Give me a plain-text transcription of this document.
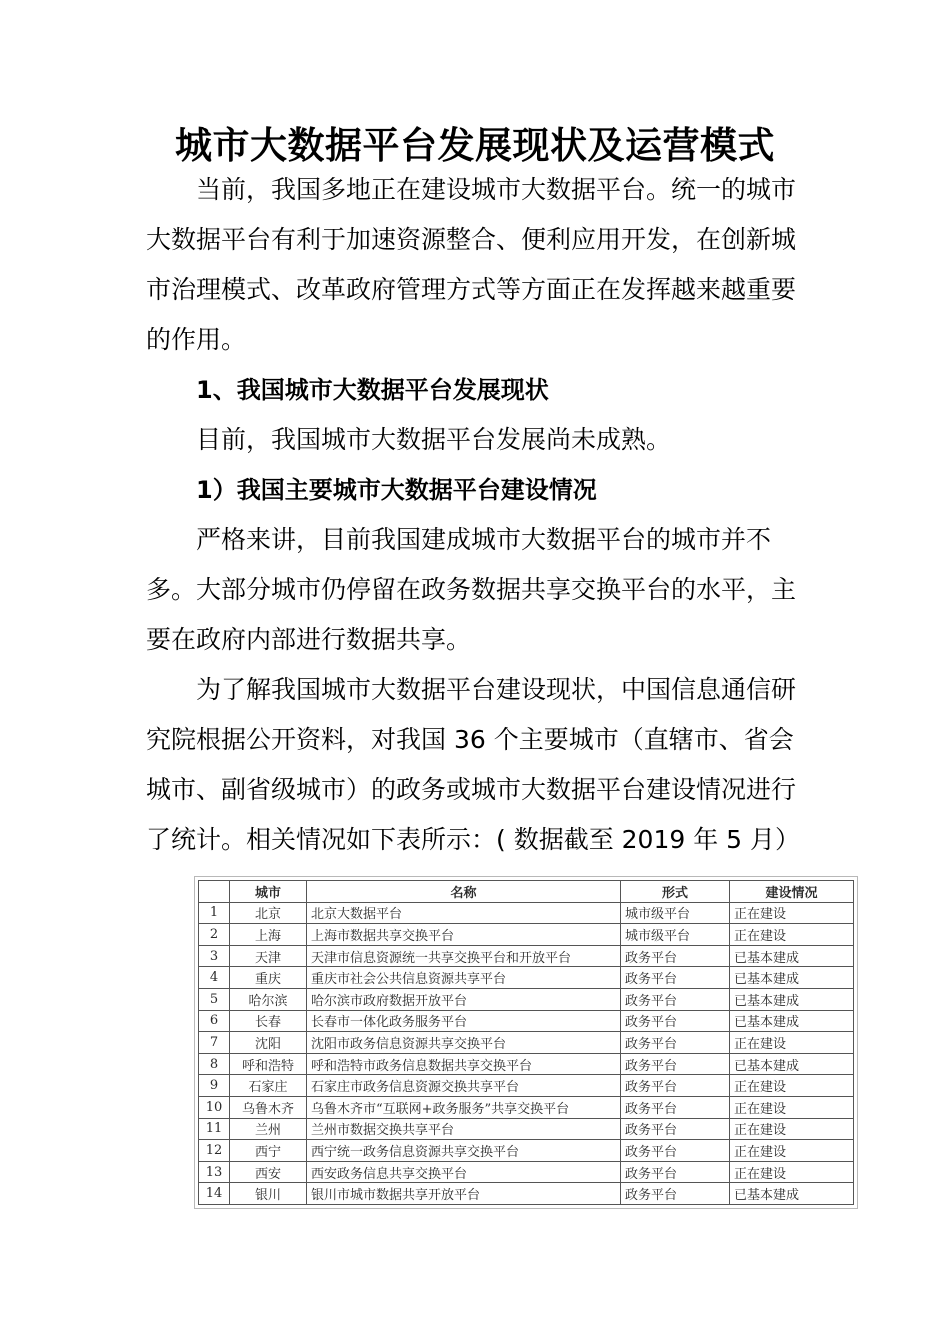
城市大数据平台发展现状及运营模式

当前，我国多地正在建设城市大数据平台。统一的城市大数据平台有利于加速资源整合、便利应用开发，在创新城市治理模式、改革政府管理方式等方面正在发挥越来越重要的作用。

1、我国城市大数据平台发展现状

目前，我国城市大数据平台发展尚未成熟。

1）我国主要城市大数据平台建设情况

严格来讲，目前我国建成城市大数据平台的城市并不多。大部分城市仍停留在政务数据共享交换平台的水平，主要在政府内部进行数据共享。

为了解我国城市大数据平台建设现状，中国信息通信研究院根据公开资料，对我国 36 个主要城市（直辖市、省会城市、副省级城市）的政务或城市大数据平台建设情况进行了统计。相关情况如下表所示：( 数据截至 2019 年 5 月）

	城市	名称	形式	建设情况
1	北京	北京大数据平台	城市级平台	正在建设
2	上海	上海市数据共享交换平台	城市级平台	正在建设
3	天津	天津市信息资源统一共享交换平台和开放平台	政务平台	已基本建成
4	重庆	重庆市社会公共信息资源共享平台	政务平台	已基本建成
5	哈尔滨	哈尔滨市政府数据开放平台	政务平台	已基本建成
6	长春	长春市一体化政务服务平台	政务平台	已基本建成
7	沈阳	沈阳市政务信息资源共享交换平台	政务平台	正在建设
8	呼和浩特	呼和浩特市政务信息数据共享交换平台	政务平台	已基本建成
9	石家庄	石家庄市政务信息资源交换共享平台	政务平台	正在建设
10	乌鲁木齐	乌鲁木齐市“互联网+政务服务”共享交换平台	政务平台	正在建设
11	兰州	兰州市数据交换共享平台	政务平台	正在建设
12	西宁	西宁统一政务信息资源共享交换平台	政务平台	正在建设
13	西安	西安政务信息共享交换平台	政务平台	正在建设
14	银川	银川市城市数据共享开放平台	政务平台	已基本建成
